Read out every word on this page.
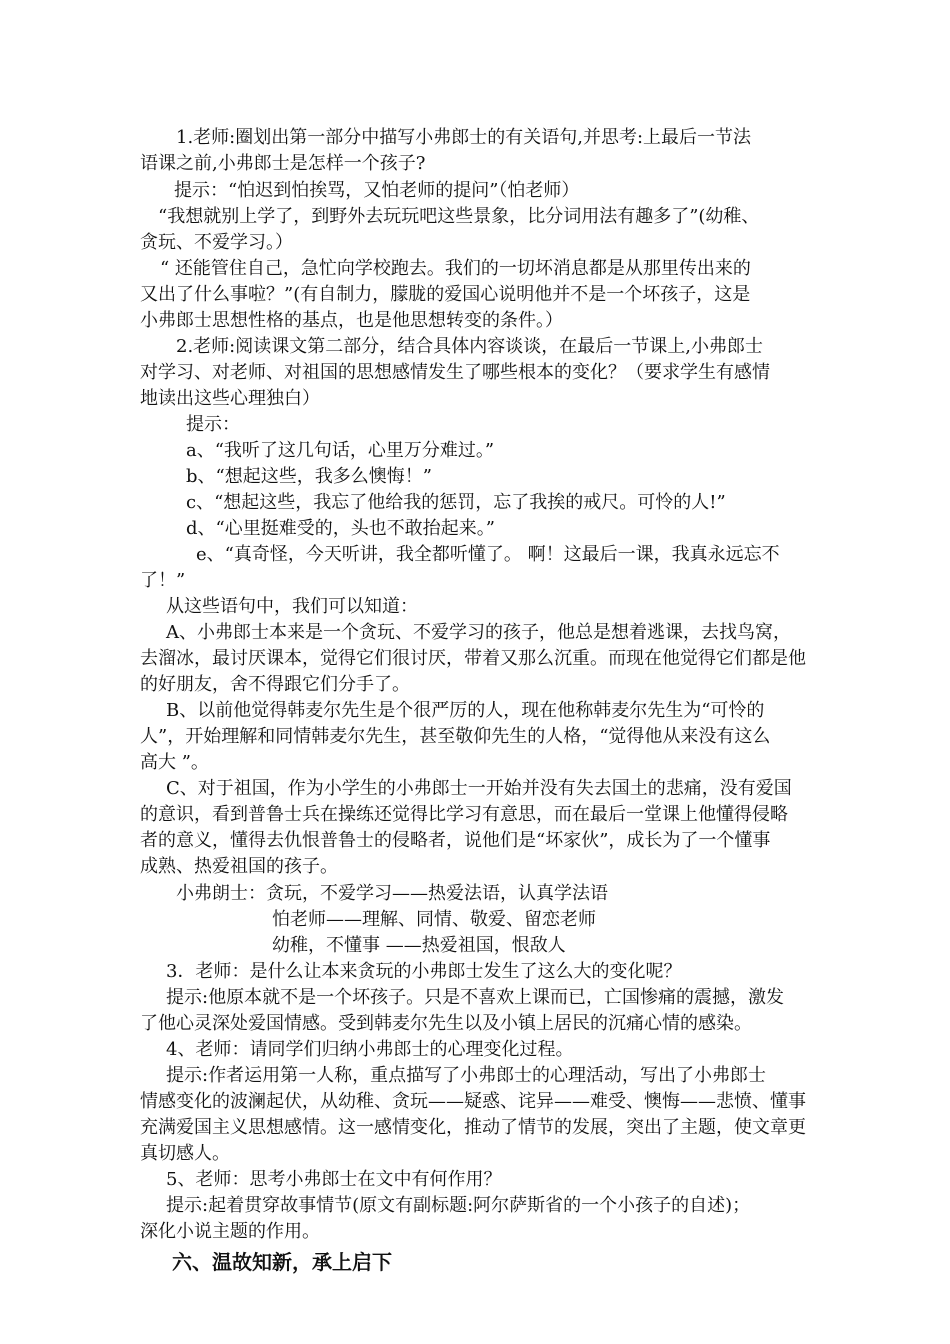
1.老师:圈划出第一部分中描写小弗郎士的有关语句,并思考:上最后一节法
语课之前,小弗郎士是怎样一个孩子?
提示：“怕迟到怕挨骂，又怕老师的提问”（怕老师）
“我想就别上学了，到野外去玩玩吧这些景象，比分词用法有趣多了”(幼稚、
贪玩、不爱学习。）
“ 还能管住自己，急忙向学校跑去。我们的一切坏消息都是从那里传出来的
又出了什么事啦？”(有自制力，朦胧的爱国心说明他并不是一个坏孩子，这是
小弗郎士思想性格的基点，也是他思想转变的条件。）
2.老师:阅读课文第二部分，结合具体内容谈谈，在最后一节课上,小弗郎士
对学习、对老师、对祖国的思想感情发生了哪些根本的变化？（要求学生有感情
地读出这些心理独白）
提示：
a、“我听了这几句话，心里万分难过。”
b、“想起这些，我多么懊悔！”
c、“想起这些，我忘了他给我的惩罚，忘了我挨的戒尺。可怜的人!”
d、“心里挺难受的，头也不敢抬起来。”
e、“真奇怪，今天听讲，我全都听懂了。 啊！这最后一课，我真永远忘不
了！”
从这些语句中，我们可以知道：
A、小弗郎士本来是一个贪玩、不爱学习的孩子，他总是想着逃课，去找鸟窝，
去溜冰，最讨厌课本，觉得它们很讨厌，带着又那么沉重。而现在他觉得它们都是他
的好朋友，舍不得跟它们分手了。
B、以前他觉得韩麦尔先生是个很严厉的人，现在他称韩麦尔先生为“可怜的
人”，开始理解和同情韩麦尔先生，甚至敬仰先生的人格，“觉得他从来没有这么
高大 ”。
C、对于祖国，作为小学生的小弗郎士一开始并没有失去国土的悲痛，没有爱国
的意识，看到普鲁士兵在操练还觉得比学习有意思，而在最后一堂课上他懂得侵略
者的意义，懂得去仇恨普鲁士的侵略者，说他们是“坏家伙”，成长为了一个懂事
成熟、热爱祖国的孩子。
小弗朗士：贪玩，不爱学习——热爱法语，认真学法语
怕老师——理解、同情、敬爱、留恋老师
幼稚，不懂事 ——热爱祖国，恨敌人
3．老师：是什么让本来贪玩的小弗郎士发生了这么大的变化呢？
提示:他原本就不是一个坏孩子。只是不喜欢上课而已，亡国惨痛的震撼，激发
了他心灵深处爱国情感。受到韩麦尔先生以及小镇上居民的沉痛心情的感染。
4、老师：请同学们归纳小弗郎士的心理变化过程。
提示:作者运用第一人称，重点描写了小弗郎士的心理活动，写出了小弗郎士
情感变化的波澜起伏，从幼稚、贪玩——疑惑、诧异——难受、懊悔——悲愤、懂事
充满爱国主义思想感情。这一感情变化，推动了情节的发展，突出了主题，使文章更
真切感人。
5、老师：思考小弗郎士在文中有何作用？
提示:起着贯穿故事情节(原文有副标题:阿尔萨斯省的一个小孩子的自述)；
深化小说主题的作用。
六、温故知新，承上启下
